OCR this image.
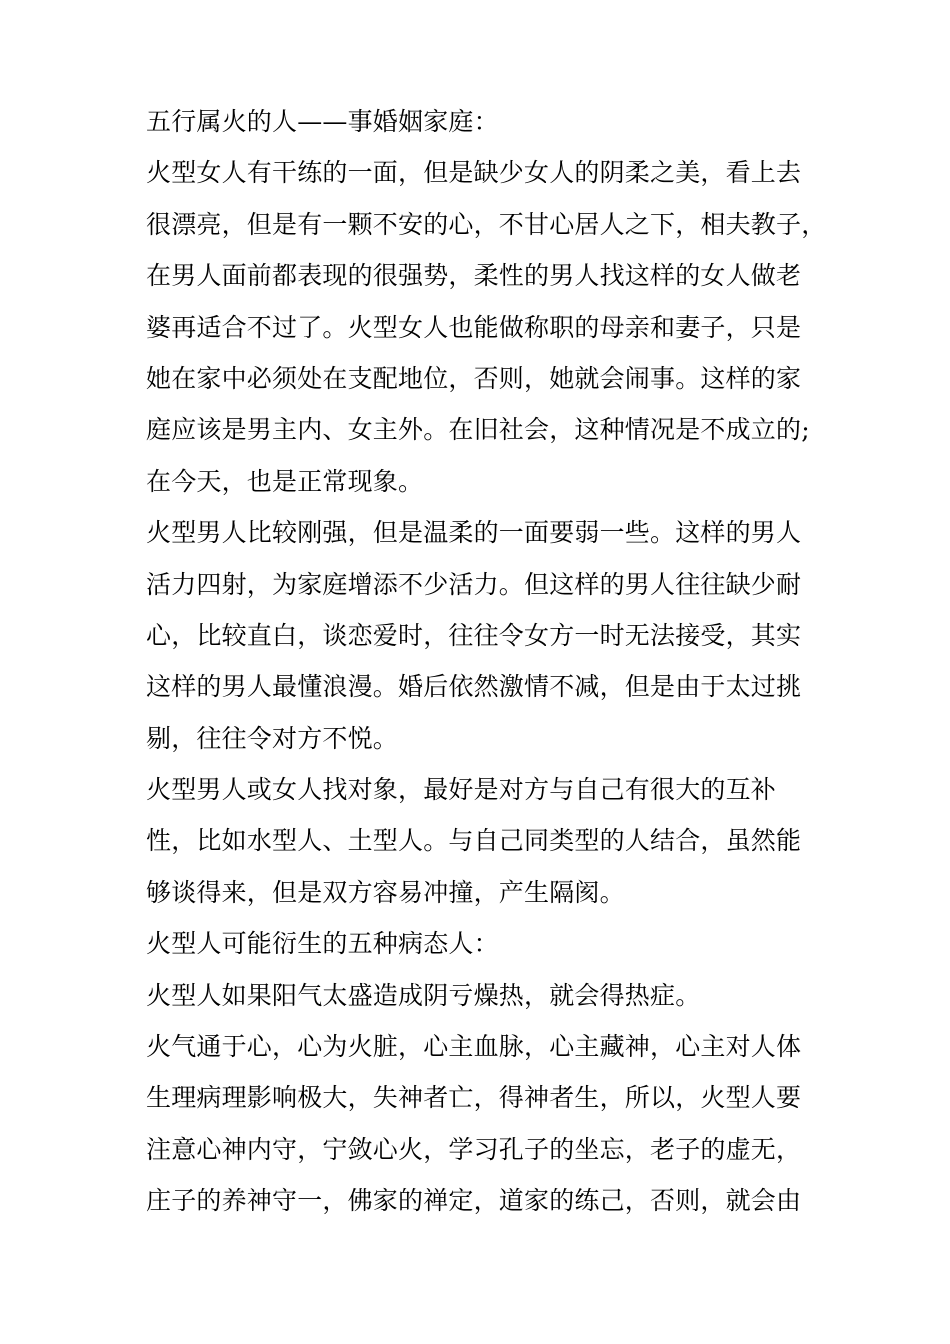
五行属火的人——事婚姻家庭：
火型女人有干练的一面，但是缺少女人的阴柔之美，看上去
很漂亮，但是有一颗不安的心，不甘心居人之下，相夫教子，
在男人面前都表现的很强势，柔性的男人找这样的女人做老
婆再适合不过了。火型女人也能做称职的母亲和妻子，只是
她在家中必须处在支配地位，否则，她就会闹事。这样的家
庭应该是男主内、女主外。在旧社会，这种情况是不成立的;
在今天，也是正常现象。
火型男人比较刚强，但是温柔的一面要弱一些。这样的男人
活力四射，为家庭增添不少活力。但这样的男人往往缺少耐
心，比较直白，谈恋爱时，往往令女方一时无法接受，其实
这样的男人最懂浪漫。婚后依然激情不减，但是由于太过挑
剔，往往令对方不悦。
火型男人或女人找对象，最好是对方与自己有很大的互补
性，比如水型人、土型人。与自己同类型的人结合，虽然能
够谈得来，但是双方容易冲撞，产生隔阂。
火型人可能衍生的五种病态人：
火型人如果阳气太盛造成阴亏燥热，就会得热症。
火气通于心，心为火脏，心主血脉，心主藏神，心主对人体
生理病理影响极大，失神者亡，得神者生，所以，火型人要
注意心神内守，宁敛心火，学习孔子的坐忘，老子的虚无，
庄子的养神守一，佛家的禅定，道家的练己，否则，就会由
